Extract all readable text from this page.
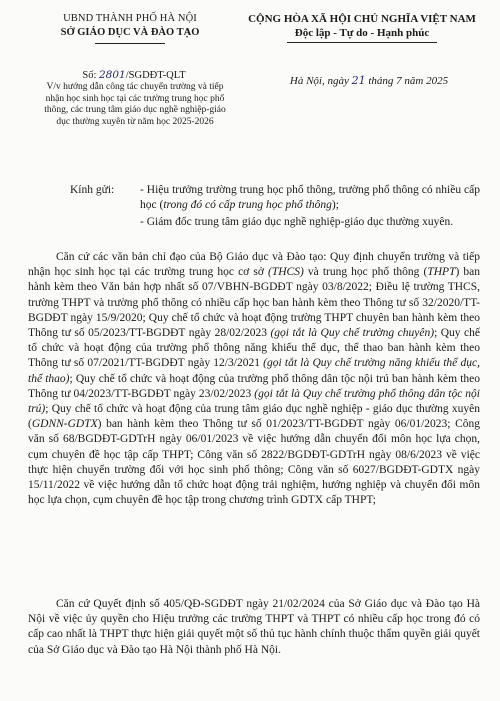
UBND THÀNH PHỐ HÀ NỘI
SỞ GIÁO DỤC VÀ ĐÀO TẠO
CỘNG HÒA XÃ HỘI CHỦ NGHĨA VIỆT NAM
Độc lập - Tự do - Hạnh phúc
Số: 2801/SGDĐT-QLT
V/v hướng dẫn công tác chuyển trường và tiếp nhận học sinh học tại các trường trung học phổ thông, các trung tâm giáo dục nghề nghiệp-giáo dục thường xuyên từ năm học 2025-2026
Hà Nội, ngày 21 tháng 7 năm 2025
Kính gửi: - Hiệu trưởng trường trung học phổ thông, trường phổ thông có nhiều cấp học (trong đó có cấp trung học phổ thông);
- Giám đốc trung tâm giáo dục nghề nghiệp-giáo dục thường xuyên.

Căn cứ các văn bản chỉ đạo của Bộ Giáo dục và Đào tạo: Quy định chuyển trường và tiếp nhận học sinh học tại các trường trung học cơ sở (THCS) và trung học phổ thông (THPT) ban hành kèm theo Văn bản hợp nhất số 07/VBHN-BGDĐT ngày 03/8/2022; Điều lệ trường THCS, trường THPT và trường phổ thông có nhiều cấp học ban hành kèm theo Thông tư số 32/2020/TT-BGDĐT ngày 15/9/2020; Quy chế tổ chức và hoạt động trường THPT chuyên ban hành kèm theo Thông tư số 05/2023/TT-BGDĐT ngày 28/02/2023 (gọi tắt là Quy chế trường chuyên); Quy chế tổ chức và hoạt động của trường phổ thông năng khiếu thể dục, thể thao ban hành kèm theo Thông tư số 07/2021/TT-BGDĐT ngày 12/3/2021 (gọi tắt là Quy chế trường năng khiếu thể dục, thể thao); Quy chế tổ chức và hoạt động của trường phổ thông dân tộc nội trú ban hành kèm theo Thông tư 04/2023/TT-BGDĐT ngày 23/02/2023 (gọi tắt là Quy chế trường phổ thông dân tộc nội trú); Quy chế tổ chức và hoạt động của trung tâm giáo dục nghề nghiệp - giáo dục thường xuyên (GDNN-GDTX) ban hành kèm theo Thông tư số 01/2023/TT-BGDĐT ngày 06/01/2023; Công văn số 68/BGDĐT-GDTrH ngày 06/01/2023 về việc hướng dẫn chuyển đổi môn học lựa chọn, cụm chuyên đề học tập cấp THPT; Công văn số 2822/BGDĐT-GDTrH ngày 08/6/2023 về việc thực hiện chuyển trường đối với học sinh phổ thông; Công văn số 6027/BGDĐT-GDTX ngày 15/11/2022 về việc hướng dẫn tổ chức hoạt động trải nghiệm, hướng nghiệp và chuyển đổi môn học lựa chọn, cụm chuyên đề học tập trong chương trình GDTX cấp THPT;

Căn cứ Quyết định số 405/QĐ-SGDĐT ngày 21/02/2024 của Sở Giáo dục và Đào tạo Hà Nội về việc ủy quyền cho Hiệu trưởng các trường THPT và THPT có nhiều cấp học trong đó có cấp cao nhất là THPT thực hiện giải quyết một số thủ tục hành chính thuộc thẩm quyền giải quyết của Sở Giáo dục và Đào tạo Hà Nội thành phố Hà Nội.
